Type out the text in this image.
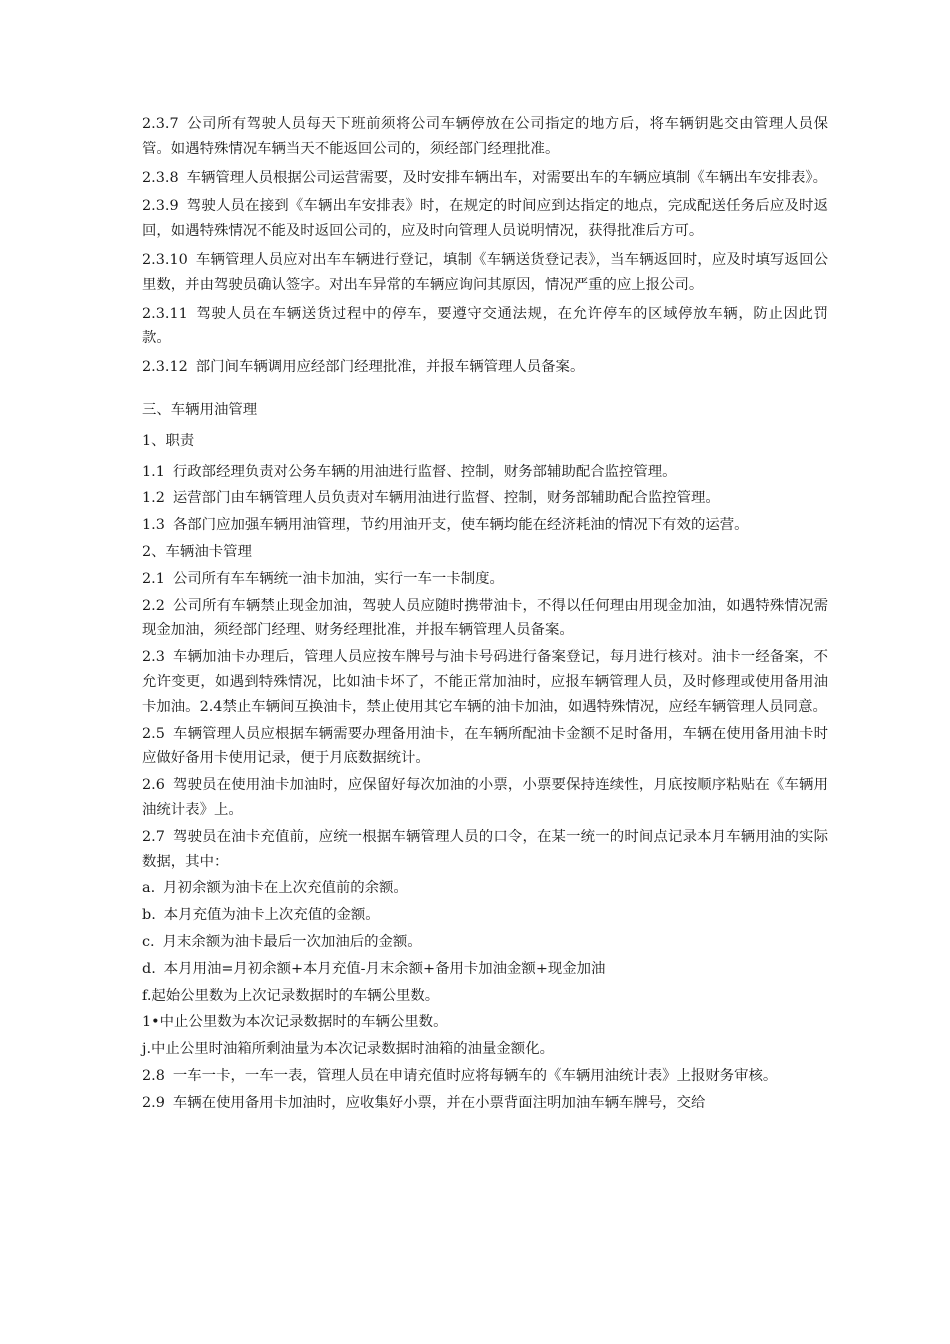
2.3.7 公司所有驾驶人员每天下班前须将公司车辆停放在公司指定的地方后，将车辆钥匙交由管理人员保管。如遇特殊情况车辆当天不能返回公司的，须经部门经理批准。

2.3.8 车辆管理人员根据公司运营需要，及时安排车辆出车，对需要出车的车辆应填制《车辆出车安排表》。

2.3.9 驾驶人员在接到《车辆出车安排表》时，在规定的时间应到达指定的地点，完成配送任务后应及时返回，如遇特殊情况不能及时返回公司的，应及时向管理人员说明情况，获得批准后方可。

2.3.10 车辆管理人员应对出车车辆进行登记，填制《车辆送货登记表》，当车辆返回时，应及时填写返回公里数，并由驾驶员确认签字。对出车异常的车辆应询问其原因，情况严重的应上报公司。

2.3.11 驾驶人员在车辆送货过程中的停车，要遵守交通法规，在允许停车的区域停放车辆，防止因此罚款。

2.3.12 部门间车辆调用应经部门经理批准，并报车辆管理人员备案。

三、车辆用油管理

1、职责

1.1 行政部经理负责对公务车辆的用油进行监督、控制，财务部辅助配合监控管理。

1.2 运营部门由车辆管理人员负责对车辆用油进行监督、控制，财务部辅助配合监控管理。

1.3 各部门应加强车辆用油管理，节约用油开支，使车辆均能在经济耗油的情况下有效的运营。

2、车辆油卡管理

2.1 公司所有车车辆统一油卡加油，实行一车一卡制度。

2.2 公司所有车辆禁止现金加油，驾驶人员应随时携带油卡，不得以任何理由用现金加油，如遇特殊情况需现金加油，须经部门经理、财务经理批准，并报车辆管理人员备案。

2.3 车辆加油卡办理后，管理人员应按车牌号与油卡号码进行备案登记，每月进行核对。油卡一经备案，不允许变更，如遇到特殊情况，比如油卡坏了，不能正常加油时，应报车辆管理人员，及时修理或使用备用油卡加油。2.4禁止车辆间互换油卡，禁止使用其它车辆的油卡加油，如遇特殊情况，应经车辆管理人员同意。

2.5 车辆管理人员应根据车辆需要办理备用油卡，在车辆所配油卡金额不足时备用，车辆在使用备用油卡时应做好备用卡使用记录，便于月底数据统计。

2.6 驾驶员在使用油卡加油时，应保留好每次加油的小票，小票要保持连续性，月底按顺序粘贴在《车辆用油统计表》上。

2.7 驾驶员在油卡充值前，应统一根据车辆管理人员的口令，在某一统一的时间点记录本月车辆用油的实际数据，其中：

a. 月初余额为油卡在上次充值前的余额。

b. 本月充值为油卡上次充值的金额。

c. 月末余额为油卡最后一次加油后的金额。

d. 本月用油=月初余额+本月充值-月末余额+备用卡加油金额+现金加油

f.起始公里数为上次记录数据时的车辆公里数。

1•中止公里数为本次记录数据时的车辆公里数。

j.中止公里时油箱所剩油量为本次记录数据时油箱的油量金额化。

2.8 一车一卡，一车一表，管理人员在申请充值时应将每辆车的《车辆用油统计表》上报财务审核。

2.9 车辆在使用备用卡加油时，应收集好小票，并在小票背面注明加油车辆车牌号，交给
